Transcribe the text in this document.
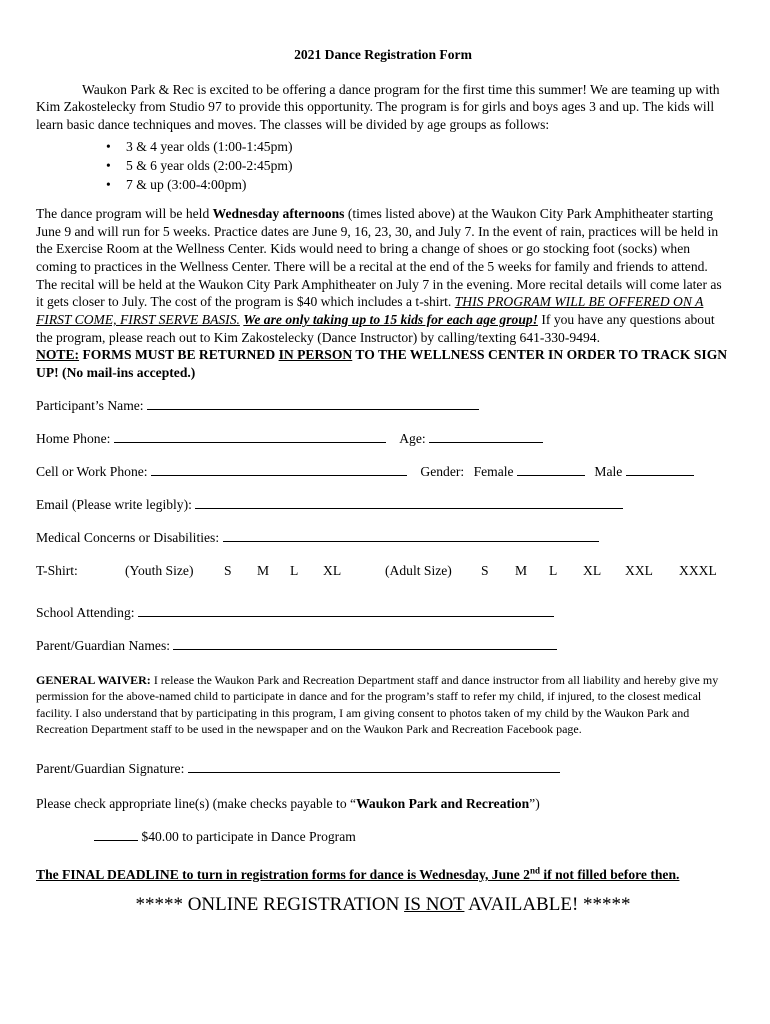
2021 Dance Registration Form

Waukon Park & Rec is excited to be offering a dance program for the first time this summer! We are teaming up with Kim Zakostelecky from Studio 97 to provide this opportunity. The program is for girls and boys ages 3 and up. The kids will learn basic dance techniques and moves. The classes will be divided by age groups as follows:

• 3 & 4 year olds (1:00-1:45pm)
• 5 & 6 year olds (2:00-2:45pm)
• 7 & up (3:00-4:00pm)

The dance program will be held Wednesday afternoons (times listed above) at the Waukon City Park Amphitheater starting June 9 and will run for 5 weeks. Practice dates are June 9, 16, 23, 30, and July 7. In the event of rain, practices will be held in the Exercise Room at the Wellness Center. Kids would need to bring a change of shoes or go stocking foot (socks) when coming to practices in the Wellness Center. There will be a recital at the end of the 5 weeks for family and friends to attend. The recital will be held at the Waukon City Park Amphitheater on July 7 in the evening. More recital details will come later as it gets closer to July. The cost of the program is $40 which includes a t-shirt. THIS PROGRAM WILL BE OFFERED ON A FIRST COME, FIRST SERVE BASIS. We are only taking up to 15 kids for each age group! If you have any questions about the program, please reach out to Kim Zakostelecky (Dance Instructor) by calling/texting 641-330-9494.

NOTE: FORMS MUST BE RETURNED IN PERSON TO THE WELLNESS CENTER IN ORDER TO TRACK SIGN UP! (No mail-ins accepted.)

Participant’s Name:
Home Phone:	Age:
Cell or Work Phone:	Gender: Female	Male
Email (Please write legibly):
Medical Concerns or Disabilities:
T-Shirt:	(Youth Size)	S	M	L	XL	(Adult Size)	S	M	L	XL	XXL	XXXL
School Attending:
Parent/Guardian Names:

GENERAL WAIVER: I release the Waukon Park and Recreation Department staff and dance instructor from all liability and hereby give my permission for the above-named child to participate in dance and for the program’s staff to refer my child, if injured, to the closest medical facility. I also understand that by participating in this program, I am giving consent to photos taken of my child by the Waukon Park and Recreation Department staff to be used in the newspaper and on the Waukon Park and Recreation Facebook page.

Parent/Guardian Signature:

Please check appropriate line(s) (make checks payable to “Waukon Park and Recreation”)

$40.00 to participate in Dance Program

The FINAL DEADLINE to turn in registration forms for dance is Wednesday, June 2nd if not filled before then.

***** ONLINE REGISTRATION IS NOT AVAILABLE! *****
